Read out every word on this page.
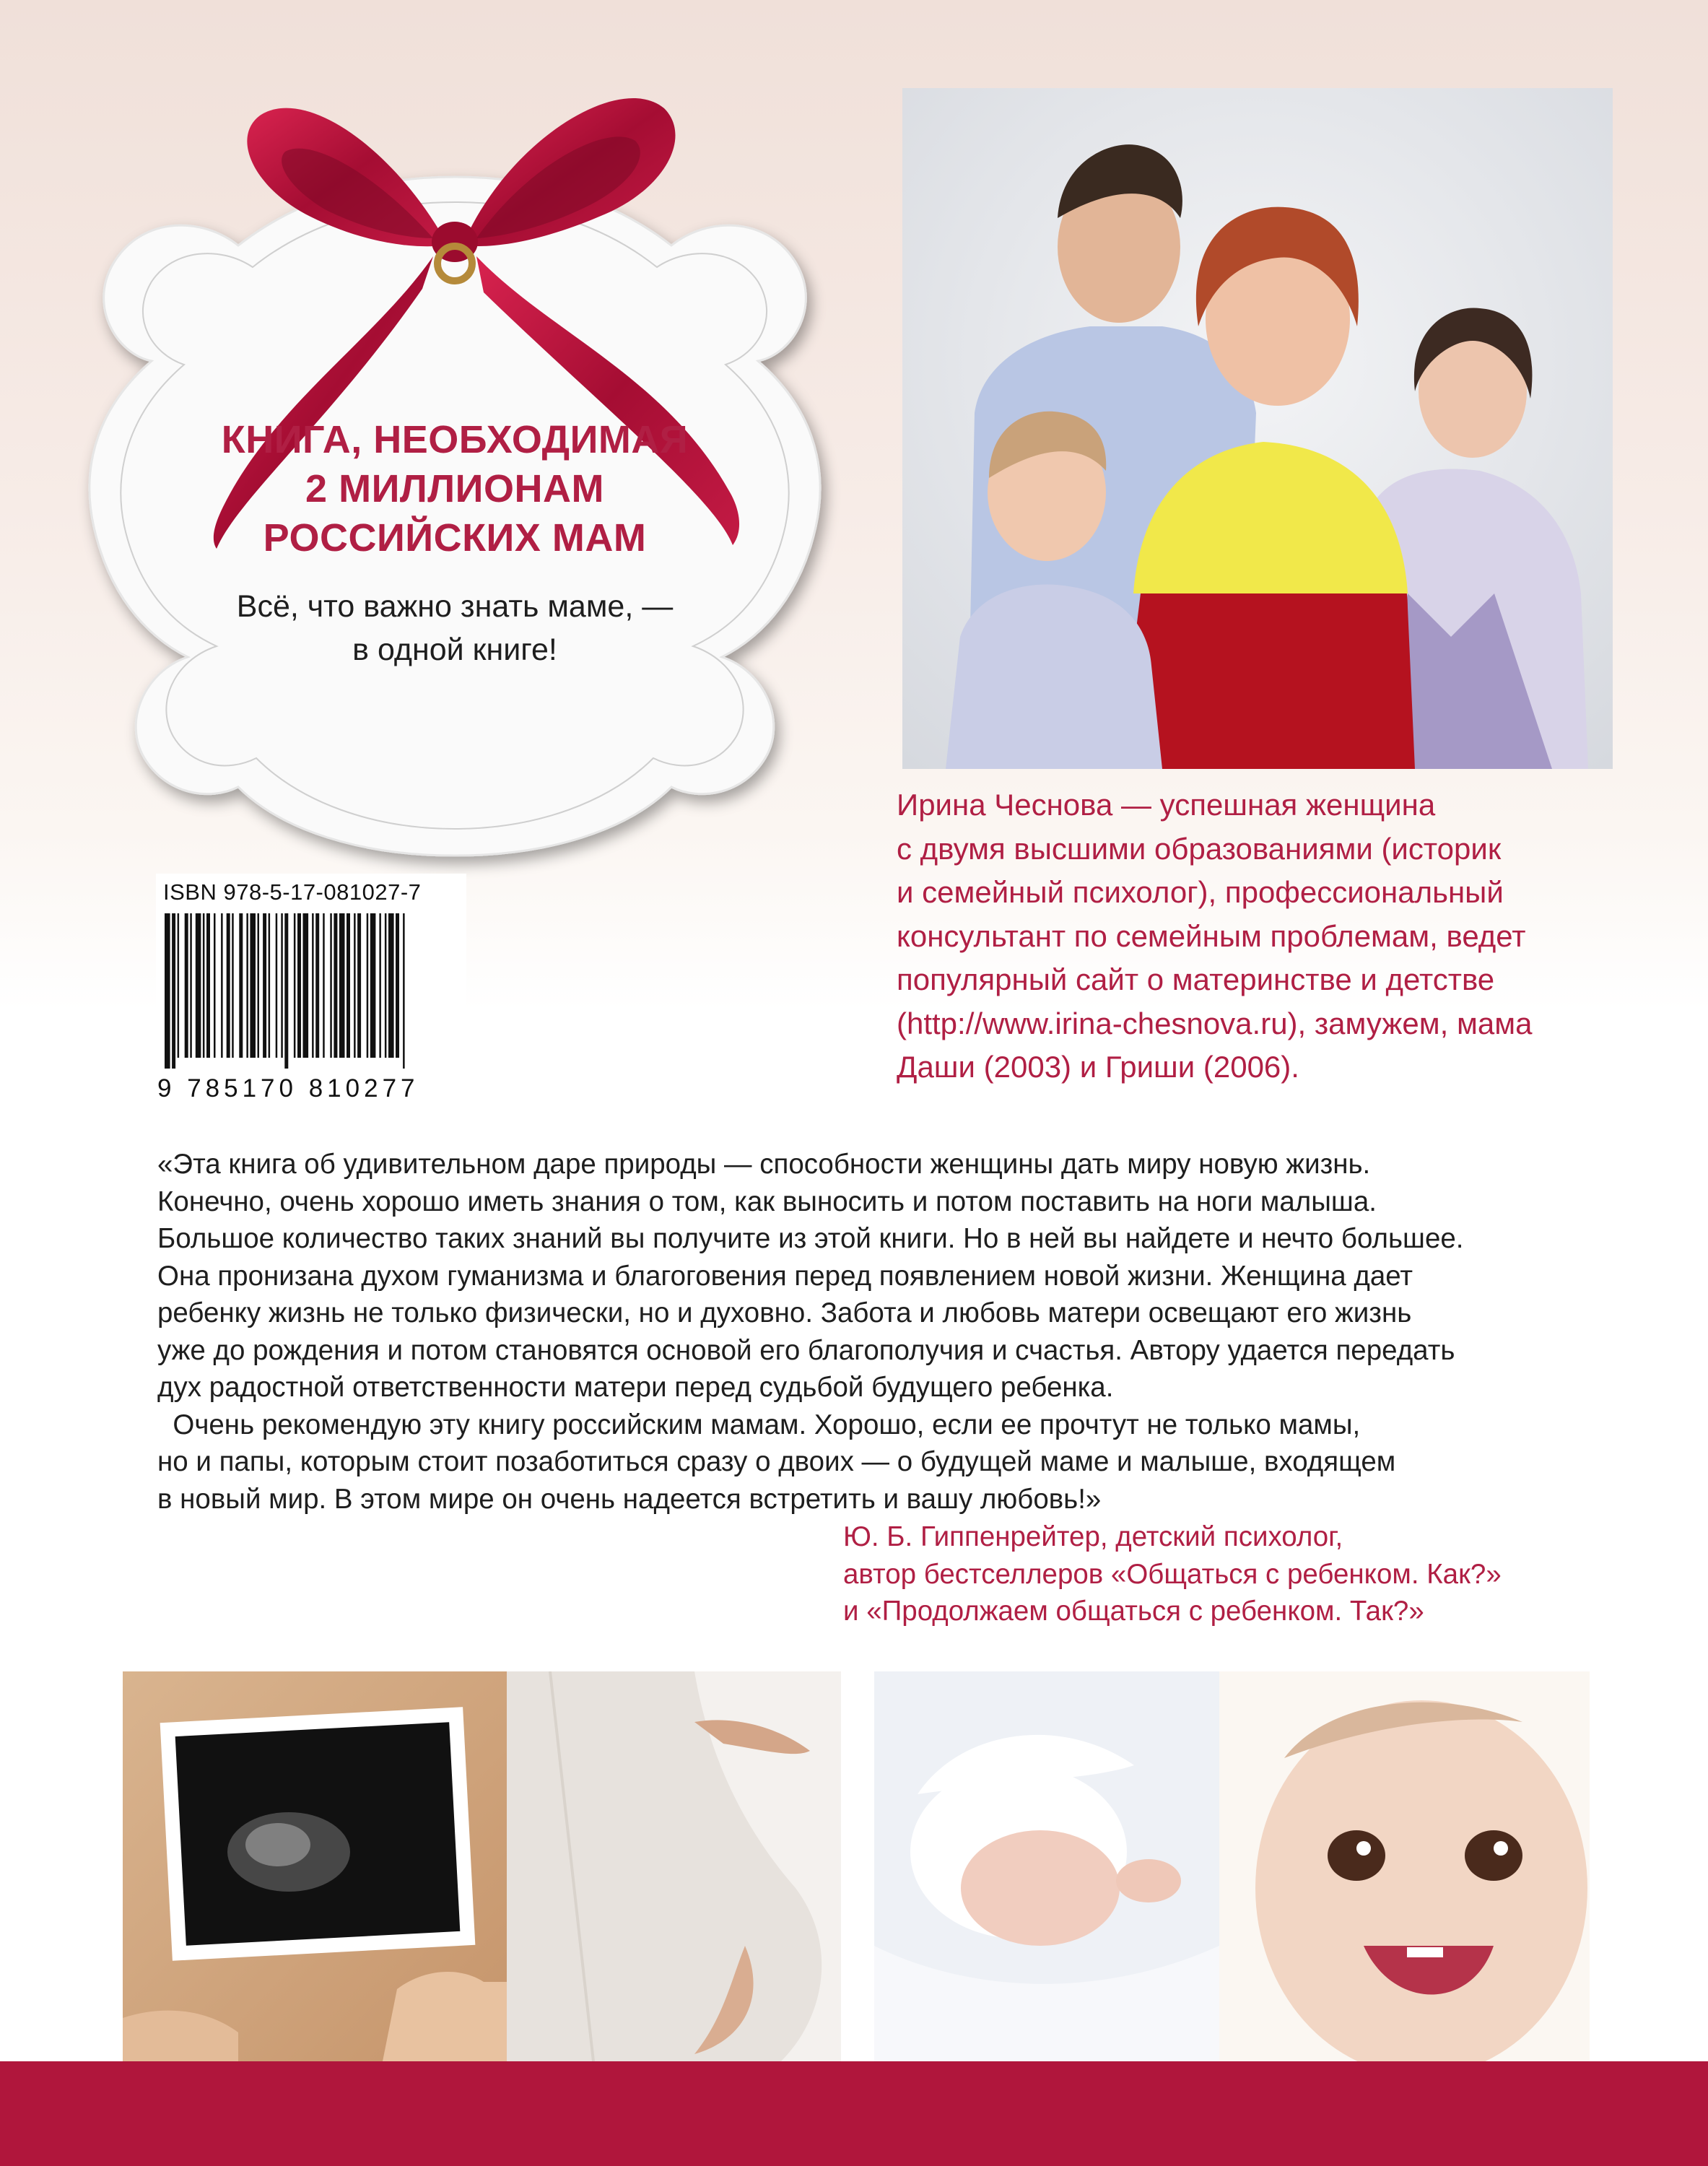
КНИГА, НЕОБХОДИМАЯ
2 МИЛЛИОНАМ
РОССИЙСКИХ МАМ
Всё, что важно знать маме, —
в одной книге!
Ирина Чеснова — успешная женщина
с двумя высшими образованиями (историк
и семейный психолог), профессиональный
консультант по семейным проблемам, ведет
популярный сайт о материнстве и детстве
(http://www.irina-chesnova.ru), замужем, мама
Даши (2003) и Гриши (2006).
ISBN 978-5-17-081027-7
9 785170 810277
«Эта книга об удивительном даре природы — способности женщины дать миру новую жизнь.
Конечно, очень хорошо иметь знания о том, как выносить и потом поставить на ноги малыша.
Большое количество таких знаний вы получите из этой книги. Но в ней вы найдете и нечто большее.
Она пронизана духом гуманизма и благоговения перед появлением новой жизни. Женщина дает
ребенку жизнь не только физически, но и духовно. Забота и любовь матери освещают его жизнь
уже до рождения и потом становятся основой его благополучия и счастья. Автору удается передать
дух радостной ответственности матери перед судьбой будущего ребенка.
Очень рекомендую эту книгу российским мамам. Хорошо, если ее прочтут не только мамы,
но и папы, которым стоит позаботиться сразу о двоих — о будущей маме и малыше, входящем
в новый мир. В этом мире он очень надеется встретить и вашу любовь!»
Ю. Б. Гиппенрейтер, детский психолог,
автор бестселлеров «Общаться с ребенком. Как?»
и «Продолжаем общаться с ребенком. Так?»
